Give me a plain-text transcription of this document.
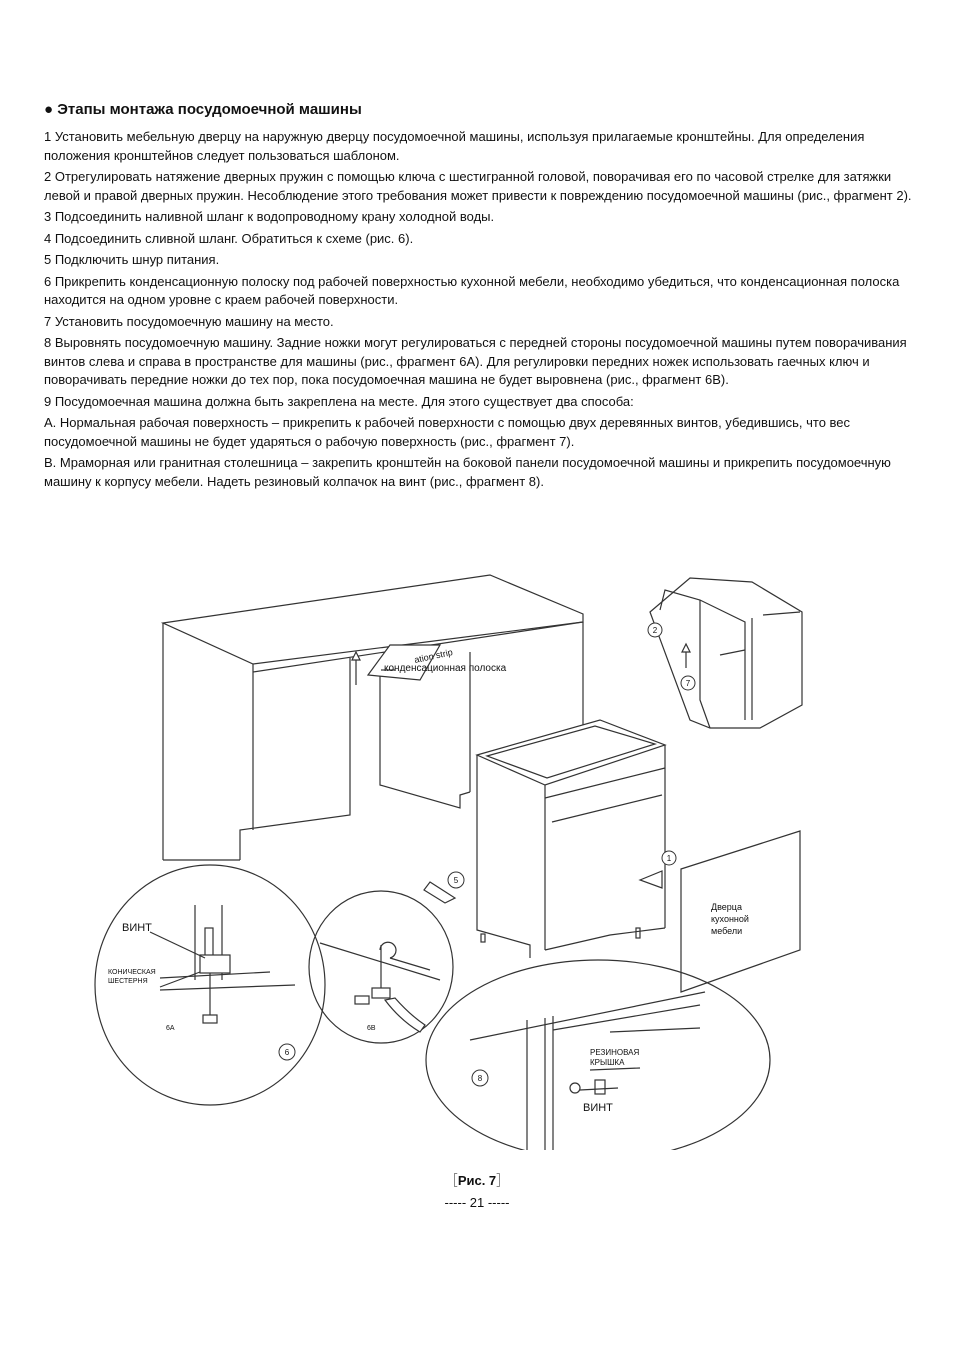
● Этапы монтажа посудомоечной машины

1 Установить мебельную дверцу на наружную дверцу посудомоечной машины, используя прилагаемые кронштейны. Для определения положения кронштейнов следует пользоваться шаблоном.

2 Отрегулировать натяжение дверных пружин с помощью ключа с шестигранной головой, поворачивая его по часовой стрелке для затяжки левой и правой дверных пружин. Несоблюдение этого требования может привести к повреждению посудомоечной машины (рис., фрагмент 2).

3 Подсоединить наливной шланг к водопроводному крану холодной воды.

4 Подсоединить сливной шланг. Обратиться к схеме (рис. 6).

5 Подключить шнур питания.

6 Прикрепить конденсационную полоску под рабочей поверхностью кухонной мебели, необходимо убедиться, что конденсационная полоска находится на одном уровне с краем рабочей поверхности.

7 Установить посудомоечную машину на место.

8 Выровнять посудомоечную машину. Задние ножки могут регулироваться с передней стороны посудомоечной машины путем поворачивания винтов слева и справа в пространстве для машины (рис., фрагмент 6А). Для регулировки передних ножек использовать гаечных ключ и поворачивать передние ножки до тех пор, пока посудомоечная машина не будет выровнена (рис., фрагмент 6В).

9 Посудомоечная машина должна быть закреплена на месте. Для этого существует два способа:

А. Нормальная рабочая поверхность – прикрепить к рабочей поверхности с помощью двух деревянных винтов, убедившись, что вес посудомоечной машины не будет ударяться о рабочую поверхность (рис., фрагмент 7).

В. Мраморная или гранитная столешница – закрепить кронштейн на боковой панели посудомоечной машины и прикрепить посудомоечную машину к корпусу мебели. Надеть резиновый колпачок на винт (рис., фрагмент 8).

ation strip
конденсационная полоска
Дверца
кухонной
мебели
ВИНТ
КОНИЧЕСКАЯ
ШЕСТЕРНЯ
6A	6B
РЕЗИНОВАЯ
КРЫШКА
ВИНТ
5
1
2
7
6
8
［Рис. 7］
----- 21 -----
